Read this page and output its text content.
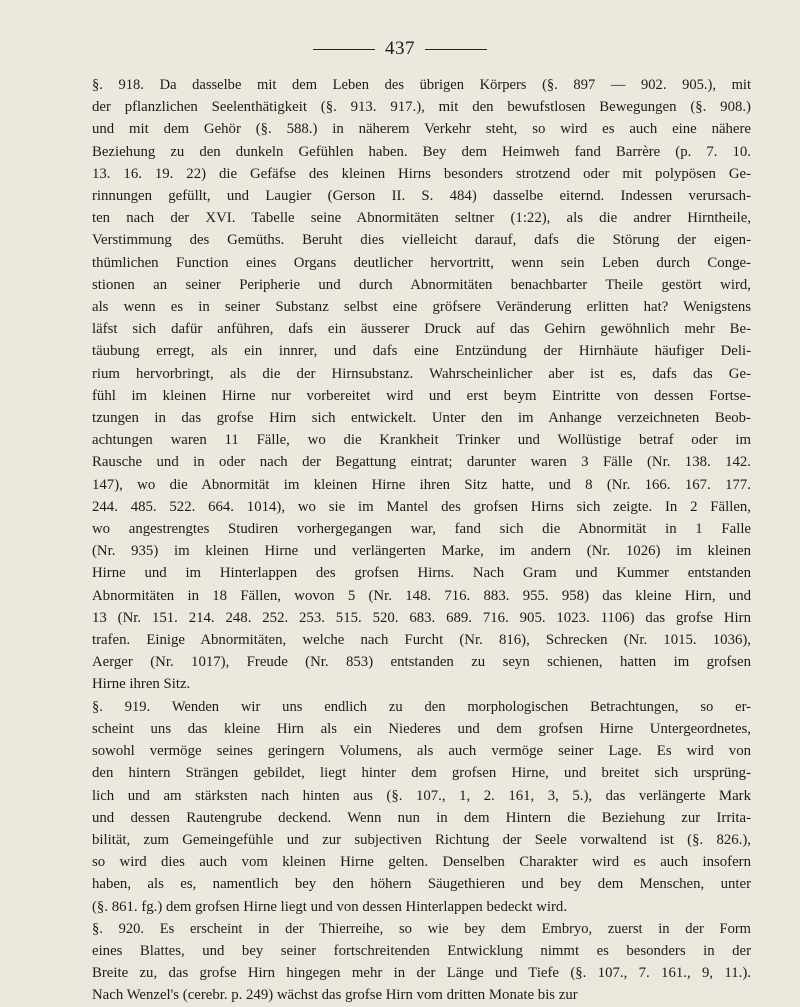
437
§. 918. Da dasselbe mit dem Leben des übrigen Körpers (§. 897 — 902. 905.), mit
der pflanzlichen Seelenthätigkeit (§. 913. 917.), mit den bewufstlosen Bewegungen (§. 908.)
und mit dem Gehör (§. 588.) in näherem Verkehr steht, so wird es auch eine nähere
Beziehung zu den dunkeln Gefühlen haben. Bey dem Heimweh fand Barrère (p. 7. 10.
13. 16. 19. 22) die Gefäfse des kleinen Hirns besonders strotzend oder mit polypösen Ge-
rinnungen gefüllt, und Laugier (Gerson II. S. 484) dasselbe eiternd. Indessen verursach-
ten nach der XVI. Tabelle seine Abnormitäten seltner (1:22), als die andrer Hirntheile,
Verstimmung des Gemüths. Beruht dies vielleicht darauf, dafs die Störung der eigen-
thümlichen Function eines Organs deutlicher hervortritt, wenn sein Leben durch Conge-
stionen an seiner Peripherie und durch Abnormitäten benachbarter Theile gestört wird,
als wenn es in seiner Substanz selbst eine gröfsere Veränderung erlitten hat? Wenigstens
läfst sich dafür anführen, dafs ein äusserer Druck auf das Gehirn gewöhnlich mehr Be-
täubung erregt, als ein innrer, und dafs eine Entzündung der Hirnhäute häufiger Deli-
rium hervorbringt, als die der Hirnsubstanz. Wahrscheinlicher aber ist es, dafs das Ge-
fühl im kleinen Hirne nur vorbereitet wird und erst beym Eintritte von dessen Fortse-
tzungen in das grofse Hirn sich entwickelt. Unter den im Anhange verzeichneten Beob-
achtungen waren 11 Fälle, wo die Krankheit Trinker und Wollüstige betraf oder im
Rausche und in oder nach der Begattung eintrat; darunter waren 3 Fälle (Nr. 138. 142.
147), wo die Abnormität im kleinen Hirne ihren Sitz hatte, und 8 (Nr. 166. 167. 177.
244. 485. 522. 664. 1014), wo sie im Mantel des grofsen Hirns sich zeigte. In 2 Fällen,
wo angestrengtes Studiren vorhergegangen war, fand sich die Abnormität in 1 Falle
(Nr. 935) im kleinen Hirne und verlängerten Marke, im andern (Nr. 1026) im kleinen
Hirne und im Hinterlappen des grofsen Hirns. Nach Gram und Kummer entstanden
Abnormitäten in 18 Fällen, wovon 5 (Nr. 148. 716. 883. 955. 958) das kleine Hirn, und
13 (Nr. 151. 214. 248. 252. 253. 515. 520. 683. 689. 716. 905. 1023. 1106) das grofse Hirn
trafen. Einige Abnormitäten, welche nach Furcht (Nr. 816), Schrecken (Nr. 1015. 1036),
Aerger (Nr. 1017), Freude (Nr. 853) entstanden zu seyn schienen, hatten im grofsen
Hirne ihren Sitz.
§. 919. Wenden wir uns endlich zu den morphologischen Betrachtungen, so er-
scheint uns das kleine Hirn als ein Niederes und dem grofsen Hirne Untergeordnetes,
sowohl vermöge seines geringern Volumens, als auch vermöge seiner Lage. Es wird von
den hintern Strängen gebildet, liegt hinter dem grofsen Hirne, und breitet sich ursprüng-
lich und am stärksten nach hinten aus (§. 107., 1, 2. 161, 3, 5.), das verlängerte Mark
und dessen Rautengrube deckend. Wenn nun in dem Hintern die Beziehung zur Irrita-
bilität, zum Gemeingefühle und zur subjectiven Richtung der Seele vorwaltend ist (§. 826.),
so wird dies auch vom kleinen Hirne gelten. Denselben Charakter wird es auch insofern
haben, als es, namentlich bey den höhern Säugethieren und bey dem Menschen, unter
(§. 861. fg.) dem grofsen Hirne liegt und von dessen Hinterlappen bedeckt wird.
§. 920. Es erscheint in der Thierreihe, so wie bey dem Embryo, zuerst in der Form
eines Blattes, und bey seiner fortschreitenden Entwicklung nimmt es besonders in der
Breite zu, das grofse Hirn hingegen mehr in der Länge und Tiefe (§. 107., 7. 161., 9, 11.).
Nach Wenzel's (cerebr. p. 249) wächst das grofse Hirn vom dritten Monate bis zur
